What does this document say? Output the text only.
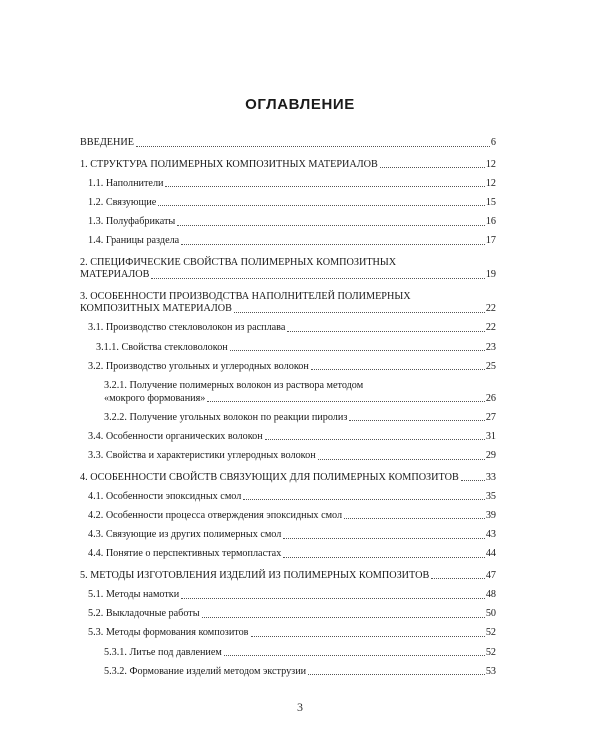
ОГЛАВЛЕНИЕ
ВВЕДЕНИЕ	6
1. СТРУКТУРА ПОЛИМЕРНЫХ КОМПОЗИТНЫХ МАТЕРИАЛОВ	12
1.1. Наполнители	12
1.2. Связующие	15
1.3. Полуфабрикаты	16
1.4. Границы раздела	17
2. СПЕЦИФИЧЕСКИЕ СВОЙСТВА ПОЛИМЕРНЫХ КОМПОЗИТНЫХ
МАТЕРИАЛОВ	19
3. ОСОБЕННОСТИ ПРОИЗВОДСТВА НАПОЛНИТЕЛЕЙ ПОЛИМЕРНЫХ
КОМПОЗИТНЫХ МАТЕРИАЛОВ	22
3.1. Производство стекловолокон из расплава	22
3.1.1. Свойства стекловолокон	23
3.2. Производство угольных и углеродных волокон	25
3.2.1. Получение полимерных волокон из раствора методом
«мокрого формования»	26
3.2.2. Получение угольных волокон по реакции пиролиз	27
3.4. Особенности органических волокон	31
3.3. Свойства и характеристики углеродных волокон	29
4. ОСОБЕННОСТИ СВОЙСТВ СВЯЗУЮЩИХ ДЛЯ ПОЛИМЕРНЫХ КОМПОЗИТОВ	33
4.1. Особенности эпоксидных смол	35
4.2. Особенности процесса отверждения эпоксидных смол	39
4.3. Связующие из других полимерных смол	43
4.4. Понятие о перспективных термопластах	44
5. МЕТОДЫ ИЗГОТОВЛЕНИЯ ИЗДЕЛИЙ ИЗ ПОЛИМЕРНЫХ КОМПОЗИТОВ	47
5.1. Методы намотки	48
5.2. Выкладочные работы	50
5.3. Методы формования композитов	52
5.3.1. Литье под давлением	52
5.3.2. Формование изделий методом экструзии	53
3
